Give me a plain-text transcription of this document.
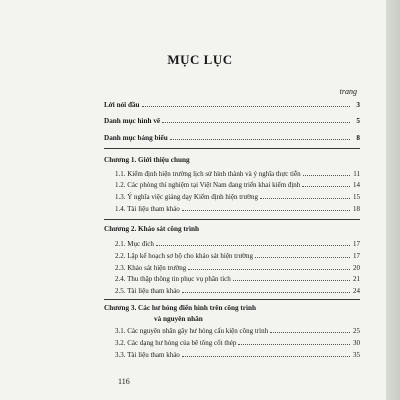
MỤC LỤC
trang
Lời nói đầu	3
Danh mục hình vẽ	5
Danh mục bảng biểu	8
Chương 1. Giới thiệu chung
1.1. Kiểm định hiện trường lịch sử hình thành và ý nghĩa thực tiễn	11
1.2. Các phòng thí nghiệm tại Việt Nam đang triển khai kiểm định	14
1.3. Ý nghĩa việc giảng dạy Kiểm định hiện trường	15
1.4. Tài liệu tham khảo	18
Chương 2. Khảo sát công trình
2.1. Mục đích	17
2.2. Lập kế hoạch sơ bộ cho khảo sát hiện trường	17
2.3. Khảo sát hiện trường	20
2.4. Thu thập thông tin phục vụ phân tích	21
2.5. Tài liệu tham khảo	24
Chương 3. Các hư hỏng điển hình trên công trình
và nguyên nhân
3.1. Các nguyên nhân gây hư hỏng cấu kiện công trình	25
3.2. Các dạng hư hỏng của bê tông cốt thép	30
3.3. Tài liệu tham khảo	35
116
